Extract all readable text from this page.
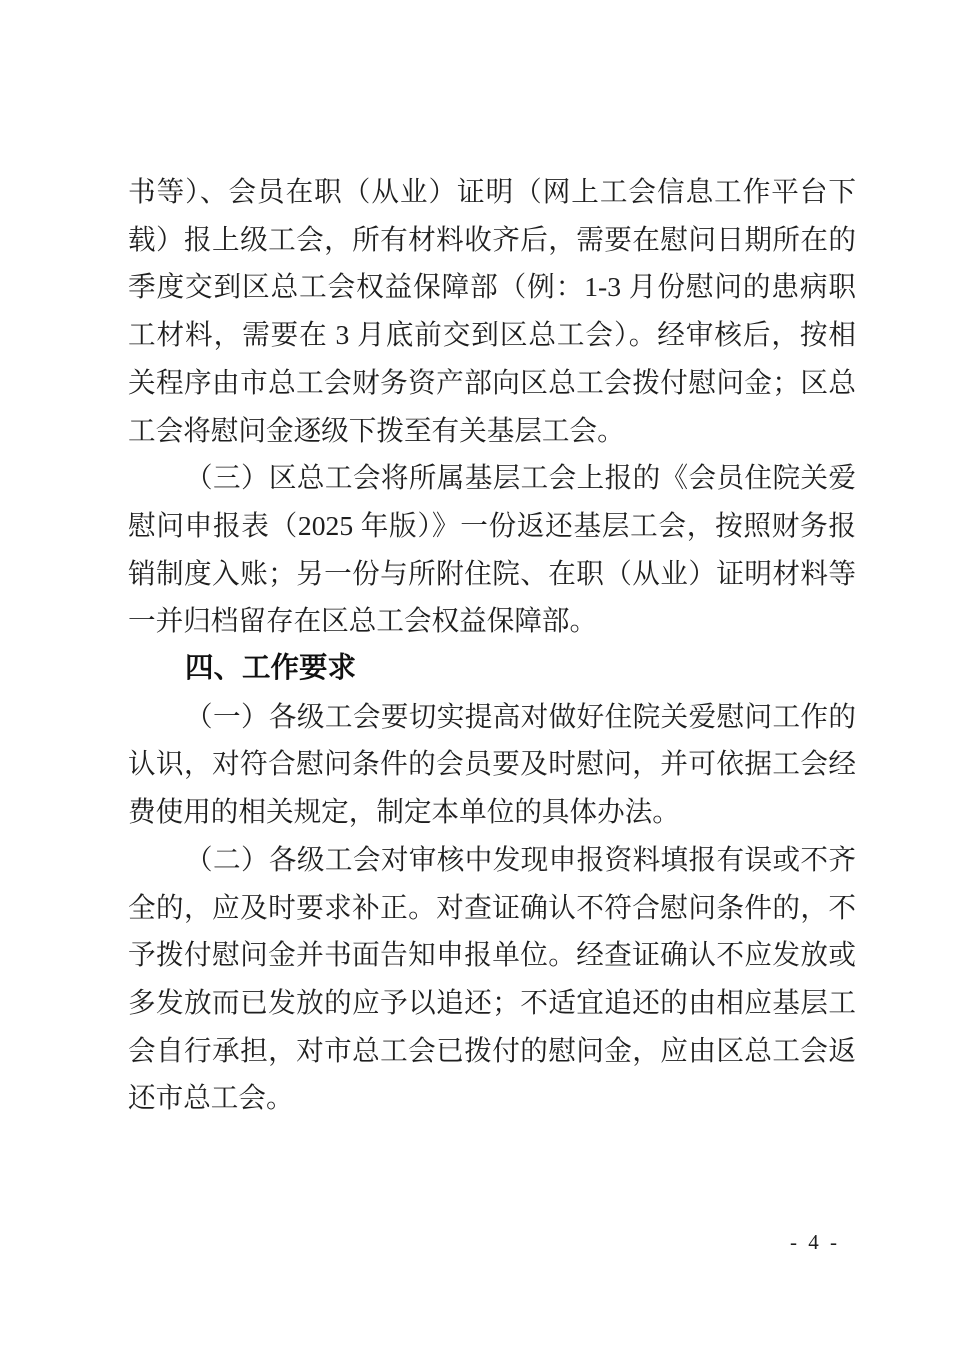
书等）、会员在职（从业）证明（网上工会信息工作平台下载）报上级工会，所有材料收齐后，需要在慰问日期所在的季度交到区总工会权益保障部（例：1-3 月份慰问的患病职工材料，需要在 3 月底前交到区总工会）。经审核后，按相关程序由市总工会财务资产部向区总工会拨付慰问金；区总工会将慰问金逐级下拨至有关基层工会。

（三）区总工会将所属基层工会上报的《会员住院关爱慰问申报表（2025 年版）》一份返还基层工会，按照财务报销制度入账；另一份与所附住院、在职（从业）证明材料等一并归档留存在区总工会权益保障部。

四、工作要求

（一）各级工会要切实提高对做好住院关爱慰问工作的认识，对符合慰问条件的会员要及时慰问，并可依据工会经费使用的相关规定，制定本单位的具体办法。

（二）各级工会对审核中发现申报资料填报有误或不齐全的，应及时要求补正。对查证确认不符合慰问条件的，不予拨付慰问金并书面告知申报单位。经查证确认不应发放或多发放而已发放的应予以追还；不适宜追还的由相应基层工会自行承担，对市总工会已拨付的慰问金，应由区总工会返还市总工会。

- 4 -
